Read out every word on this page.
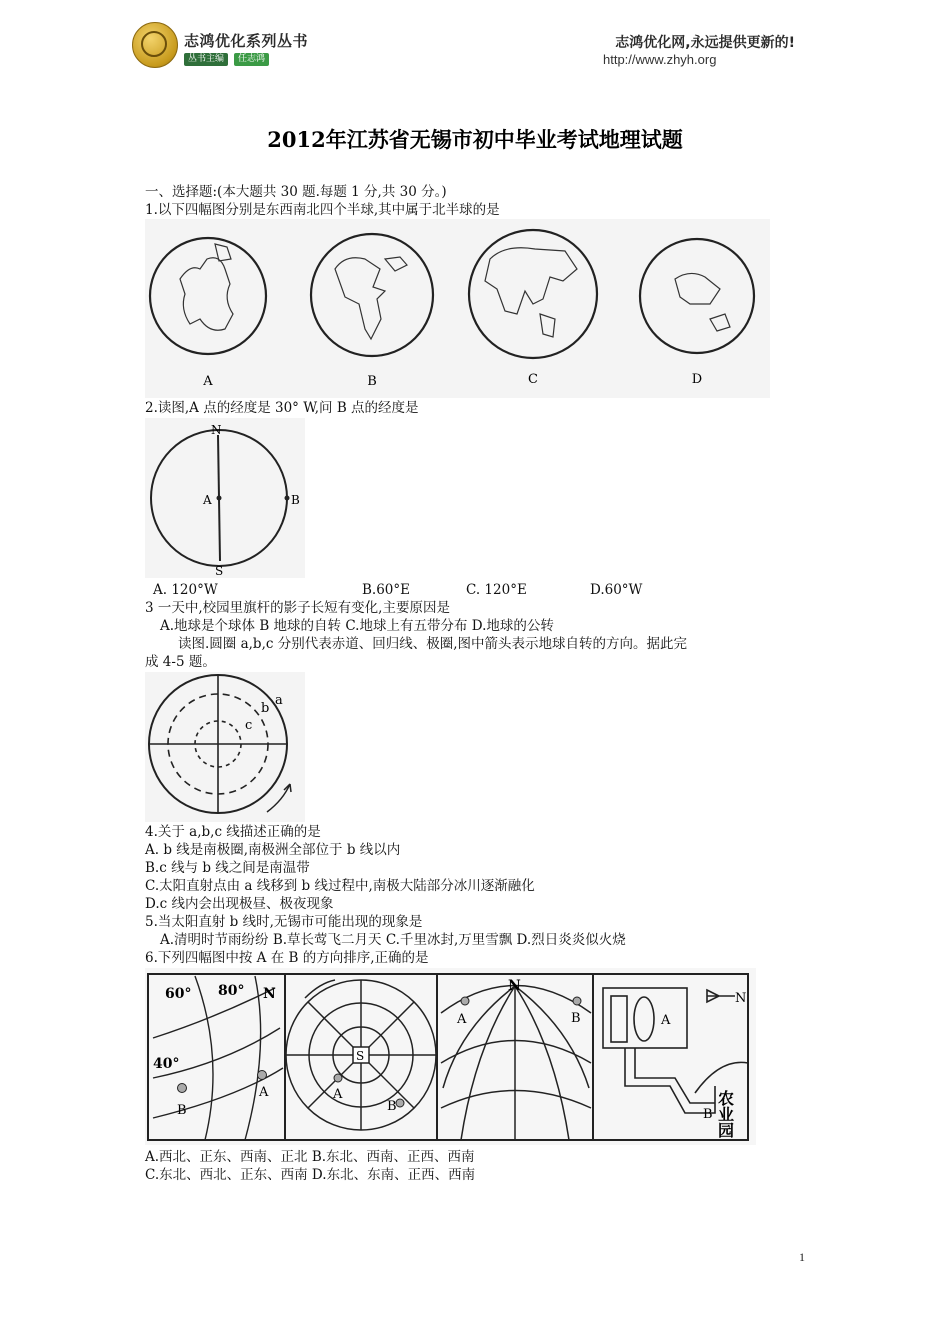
志鸿优化系列丛书
丛书主编	任志鸿
志鸿优化网,永远提供更新的!
http://www.zhyh.org
2012年江苏省无锡市初中毕业考试地理试题
一、选择题:(本大题共 30 题.每题 1 分,共 30 分。)
1.以下四幅图分别是东西南北四个半球,其中属于北半球的是
A	B	C	D
2.读图,A 点的经度是 30° W,问 B 点的经度是
N
S
A	B
A. 120°W	B.60°E	C. 120°E	D.60°W
3 一天中,校园里旗杆的影子长短有变化,主要原因是
A.地球是个球体 B 地球的自转 C.地球上有五带分布 D.地球的公转
读图.圆圈 a,b,c 分别代表赤道、回归线、极圈,图中箭头表示地球自转的方向。据此完
成 4-5 题。
a
b
c
4.关于 a,b,c 线描述正确的是
A. b 线是南极圈,南极洲全部位于 b 线以内
B.c 线与 b 线之间是南温带
C.太阳直射点由 a 线移到 b 线过程中,南极大陆部分冰川逐渐融化
D.c 线内会出现极昼、极夜现象
5.当太阳直射 b 线时,无锡市可能出现的现象是
A.清明时节雨纷纷 B.草长莺飞二月天 C.千里冰封,万里雪飘 D.烈日炎炎似火烧
6.下列四幅图中按 A 在 B 的方向排序,正确的是
60° 80° N
40°
B
A
S
A
B
N
A	B	A
N
B 农业园
A.西北、正东、西南、正北 B.东北、西南、正西、西南
C.东北、西北、正东、西南 D.东北、东南、正西、西南
1
